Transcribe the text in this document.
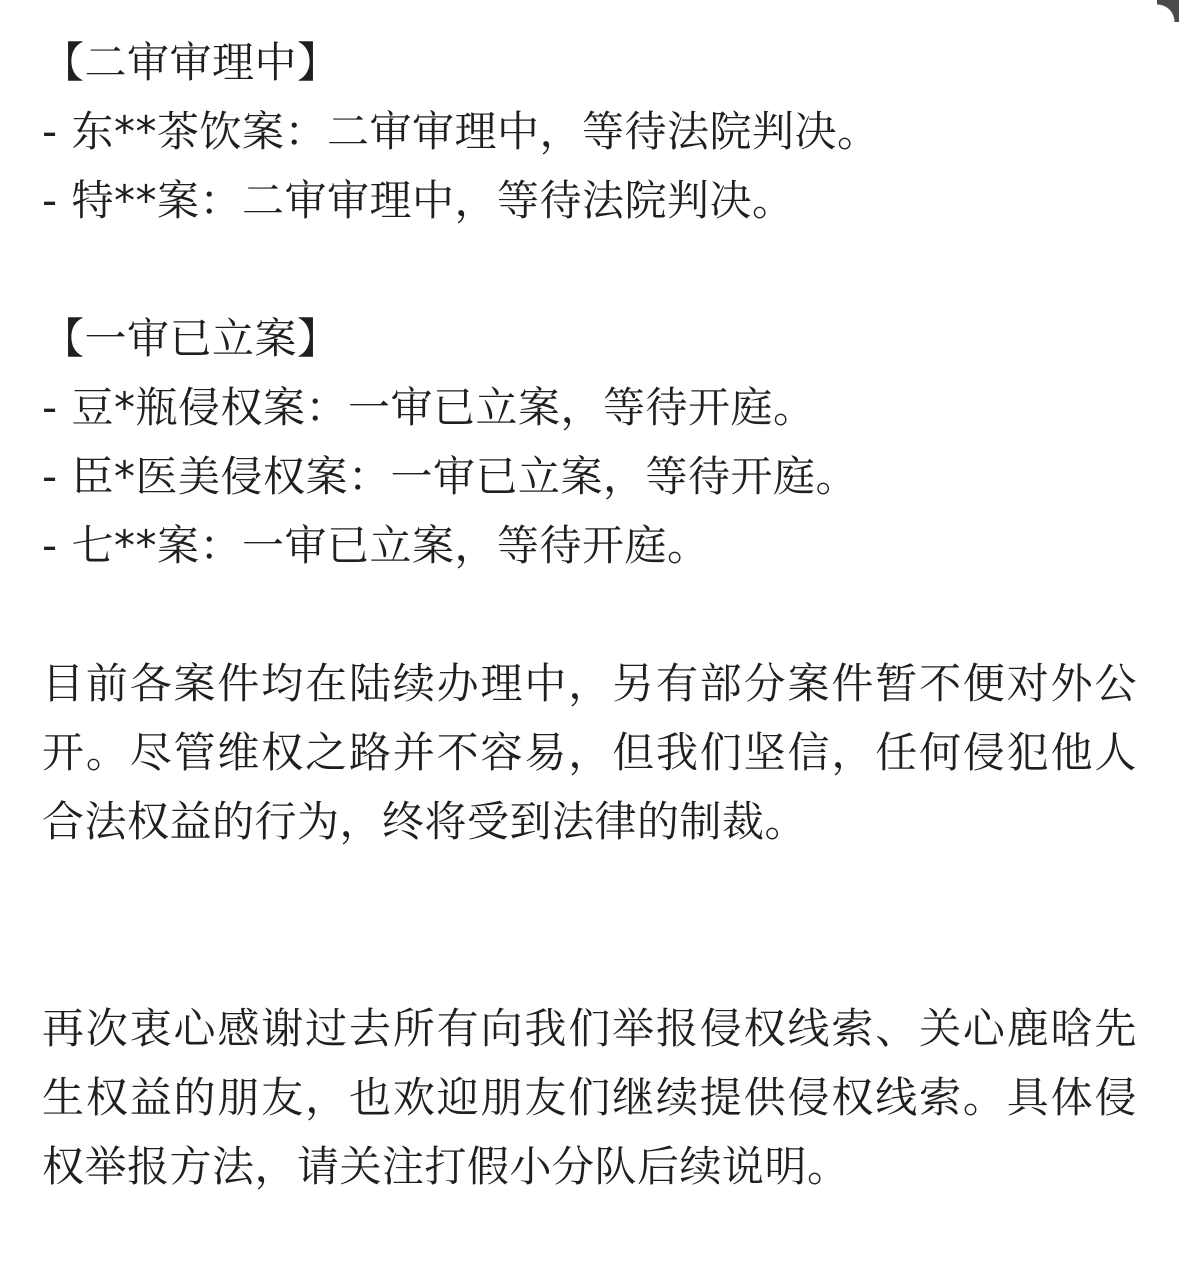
【二审审理中】
- 东**茶饮案：二审审理中，等待法院判决。
- 特**案：二审审理中，等待法院判决。
【一审已立案】
- 豆*瓶侵权案：一审已立案，等待开庭。
- 臣*医美侵权案：一审已立案，等待开庭。
- 七**案：一审已立案，等待开庭。
目前各案件均在陆续办理中，另有部分案件暂不便对外公开。尽管维权之路并不容易，但我们坚信，任何侵犯他人合法权益的行为，终将受到法律的制裁。
再次衷心感谢过去所有向我们举报侵权线索、关心鹿晗先生权益的朋友，也欢迎朋友们继续提供侵权线索。具体侵权举报方法，请关注打假小分队后续说明。
